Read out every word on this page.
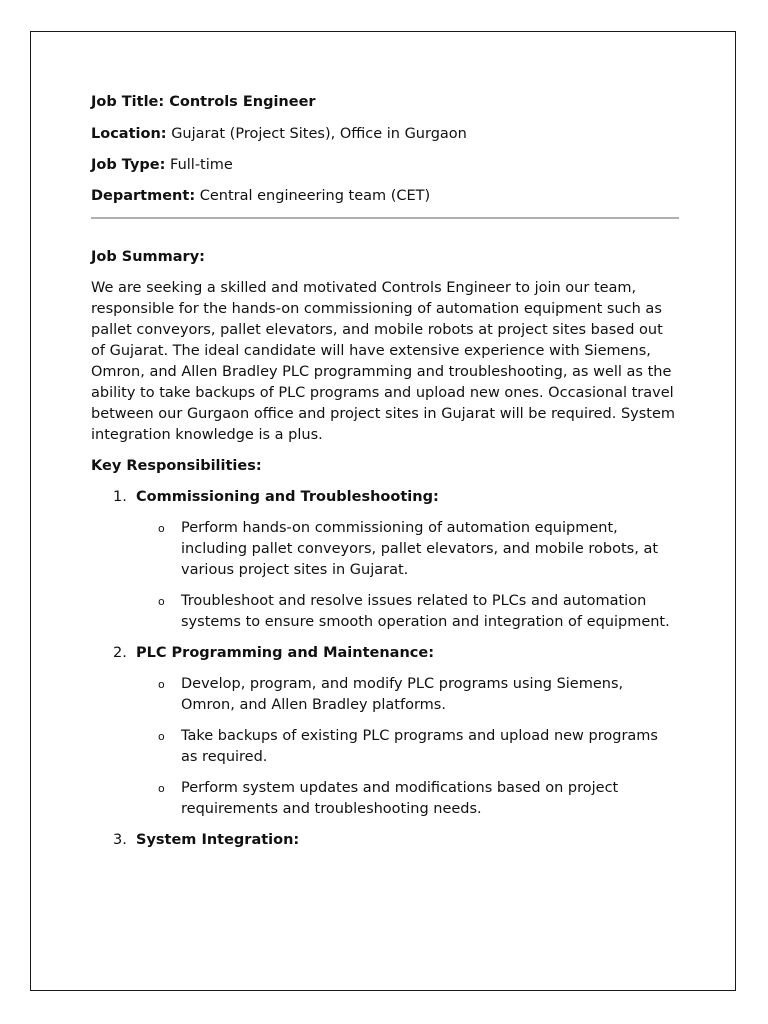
Job Title: Controls Engineer
Location: Gujarat (Project Sites), Office in Gurgaon
Job Type: Full-time
Department: Central engineering team (CET)
Job Summary:
We are seeking a skilled and motivated Controls Engineer to join our team, responsible for the hands-on commissioning of automation equipment such as pallet conveyors, pallet elevators, and mobile robots at project sites based out of Gujarat. The ideal candidate will have extensive experience with Siemens, Omron, and Allen Bradley PLC programming and troubleshooting, as well as the ability to take backups of PLC programs and upload new ones. Occasional travel between our Gurgaon office and project sites in Gujarat will be required. System integration knowledge is a plus.
Key Responsibilities:
1. Commissioning and Troubleshooting:
o Perform hands-on commissioning of automation equipment, including pallet conveyors, pallet elevators, and mobile robots, at various project sites in Gujarat.
o Troubleshoot and resolve issues related to PLCs and automation systems to ensure smooth operation and integration of equipment.
2. PLC Programming and Maintenance:
o Develop, program, and modify PLC programs using Siemens, Omron, and Allen Bradley platforms.
o Take backups of existing PLC programs and upload new programs as required.
o Perform system updates and modifications based on project requirements and troubleshooting needs.
3. System Integration:
